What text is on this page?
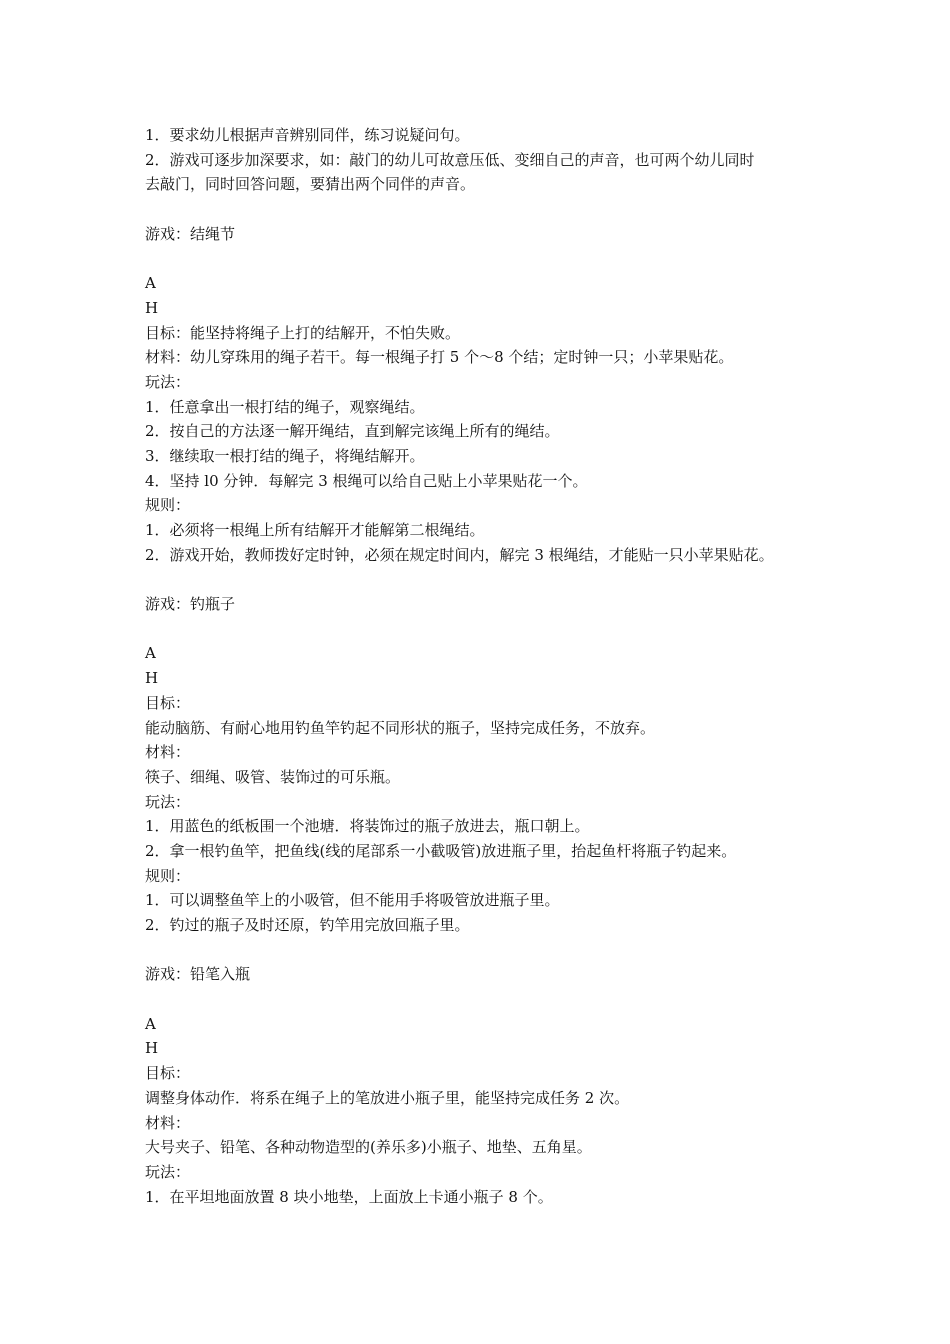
1．要求幼儿根据声音辨别同伴，练习说疑问句。
2．游戏可逐步加深要求，如：敲门的幼儿可故意压低、变细自己的声音，也可两个幼儿同时
去敲门，同时回答问题，要猜出两个同伴的声音。
游戏：结绳节
A
H
目标：能坚持将绳子上打的结解开，不怕失败。
材料：幼儿穿珠用的绳子若干。每一根绳子打 5 个～8 个结；定时钟一只；小苹果贴花。
玩法：
1．任意拿出一根打结的绳子，观察绳结。
2．按自己的方法逐一解开绳结，直到解完该绳上所有的绳结。
3．继续取一根打结的绳子，将绳结解开。
4．坚持 l0 分钟．每解完 3 根绳可以给自己贴上小苹果贴花一个。
规则：
1．必须将一根绳上所有结解开才能解第二根绳结。
2．游戏开始，教师拨好定时钟，必须在规定时间内，解完 3 根绳结，才能贴一只小苹果贴花。
游戏：钓瓶子
A
H
目标：
能动脑筋、有耐心地用钓鱼竿钓起不同形状的瓶子，坚持完成任务，不放弃。
材料：
筷子、细绳、吸管、装饰过的可乐瓶。
玩法：
1．用蓝色的纸板围一个池塘．将装饰过的瓶子放进去，瓶口朝上。
2．拿一根钓鱼竿，把鱼线(线的尾部系一小截吸管)放进瓶子里，抬起鱼杆将瓶子钓起来。
规则：
1．可以调整鱼竿上的小吸管，但不能用手将吸管放进瓶子里。
2．钓过的瓶子及时还原，钓竿用完放回瓶子里。
游戏：铅笔入瓶
A
H
目标：
调整身体动作．将系在绳子上的笔放进小瓶子里，能坚持完成任务 2 次。
材料：
大号夹子、铅笔、各种动物造型的(养乐多)小瓶子、地垫、五角星。
玩法：
1．在平坦地面放置 8 块小地垫，上面放上卡通小瓶子 8 个。
